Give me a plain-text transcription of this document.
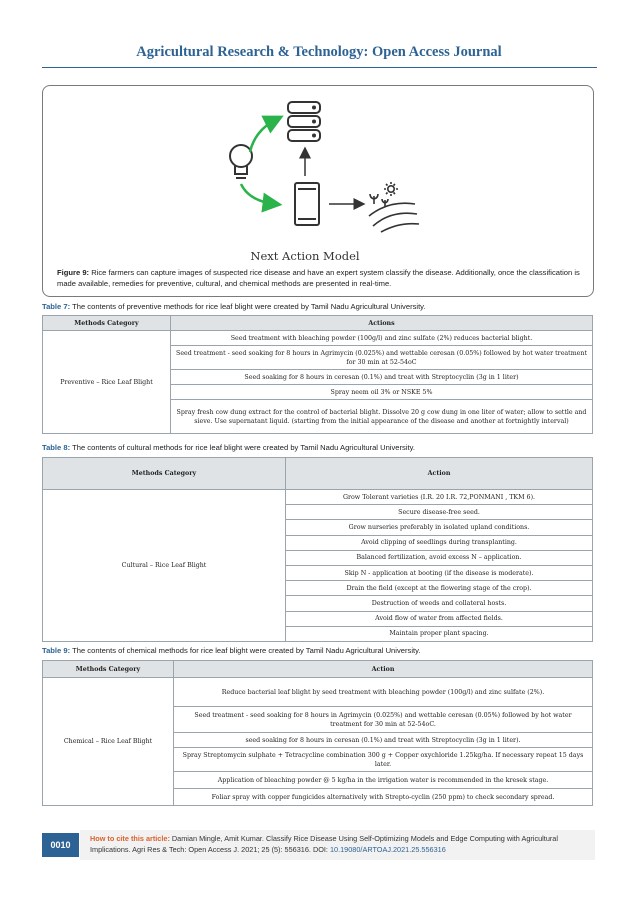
Agricultural Research & Technology: Open Access Journal
Next Action Model
Figure 9: Rice farmers can capture images of suspected rice disease and have an expert system classify the disease. Additionally, once the classification is made available, remedies for preventive, cultural, and chemical methods are presented in real-time.
Table 7: The contents of preventive methods for rice leaf blight were created by Tamil Nadu Agricultural University.
Methods Category	Actions
Preventive – Rice Leaf Blight	Seed treatment with bleaching powder (100g/l) and zinc sulfate (2%) reduces bacterial blight.
	Seed treatment - seed soaking for 8 hours in Agrimycin (0.025%) and wettable ceresan (0.05%) followed by hot water treatment for 30 min at 52-54oC
	Seed soaking for 8 hours in ceresan (0.1%) and treat with Streptocyclin (3g in 1 liter)
	Spray neem oil 3% or NSKE 5%
	Spray fresh cow dung extract for the control of bacterial blight. Dissolve 20 g cow dung in one liter of water; allow to settle and sieve. Use supernatant liquid. (starting from the initial appearance of the disease and another at fortnightly interval)
Table 8: The contents of cultural methods for rice leaf blight were created by Tamil Nadu Agricultural University.
Methods Category	Action
Cultural – Rice Leaf Blight	Grow Tolerant varieties (I.R. 20 I.R. 72,PONMANI , TKM 6).
	Secure disease-free seed.
	Grow nurseries preferably in isolated upland conditions.
	Avoid clipping of seedlings during transplanting.
	Balanced fertilization, avoid excess N – application.
	Skip N - application at booting (if the disease is moderate).
	Drain the field (except at the flowering stage of the crop).
	Destruction of weeds and collateral hosts.
	Avoid flow of water from affected fields.
	Maintain proper plant spacing.
Table 9: The contents of chemical methods for rice leaf blight were created by Tamil Nadu Agricultural University.
Methods Category	Action
Chemical – Rice Leaf Blight	Reduce bacterial leaf blight by seed treatment with bleaching powder (100g/l) and zinc sulfate (2%).
	Seed treatment - seed soaking for 8 hours in Agrimycin (0.025%) and wettable ceresan (0.05%) followed by hot water treatment for 30 min at 52-54oC.
	seed soaking for 8 hours in ceresan (0.1%) and treat with Streptocyclin (3g in 1 liter).
	Spray Streptomycin sulphate + Tetracycline combination 300 g + Copper oxychloride 1.25kg/ha. If necessary repeat 15 days later.
	Application of bleaching powder @ 5 kg/ha in the irrigation water is recommended in the kresek stage.
	Foliar spray with copper fungicides alternatively with Strepto-cyclin (250 ppm) to check secondary spread.
0010
How to cite this article: Damian Mingle, Amit Kumar. Classify Rice Disease Using Self-Optimizing Models and Edge Computing with Agricultural Implications. Agri Res & Tech: Open Access J. 2021; 25 (5): 556316. DOI: 10.19080/ARTOAJ.2021.25.556316
